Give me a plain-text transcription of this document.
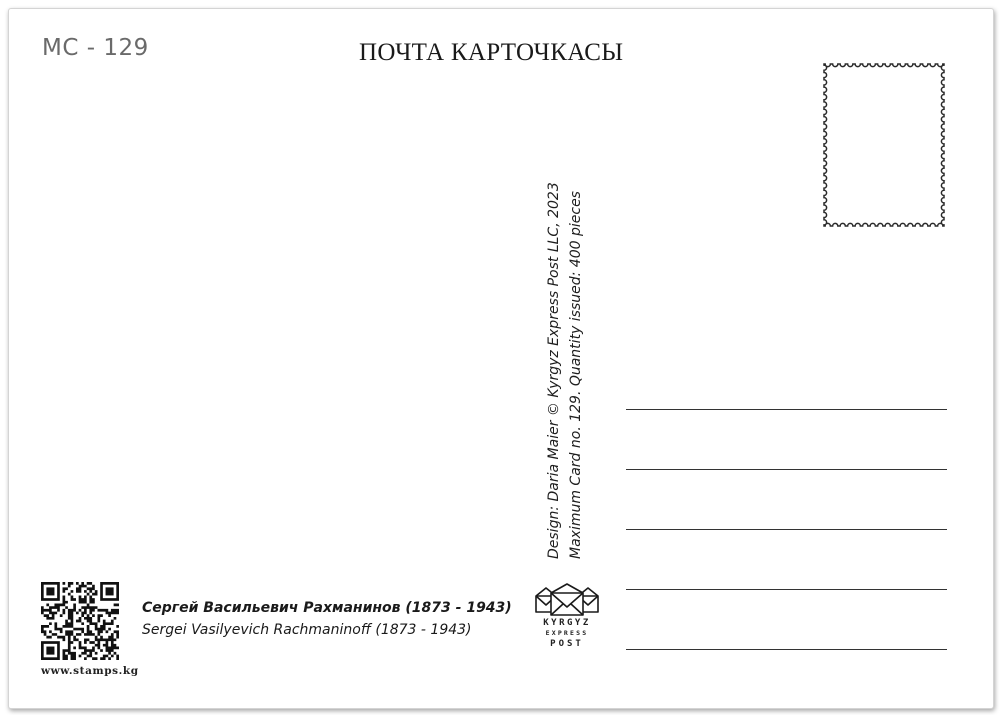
MC - 129	ПОЧТА КАРТОЧКАСЫ
Design: Daria Maier © Kyrgyz Express Post LLC, 2023 Maximum Card no. 129. Quantity issued: 400 pieces
www.stamps.kg
Сергей Васильевич Рахманинов (1873 - 1943)
Sergei Vasilyevich Rachmaninoff (1873 - 1943)	KYRGYZ
EXPRESS
POST
